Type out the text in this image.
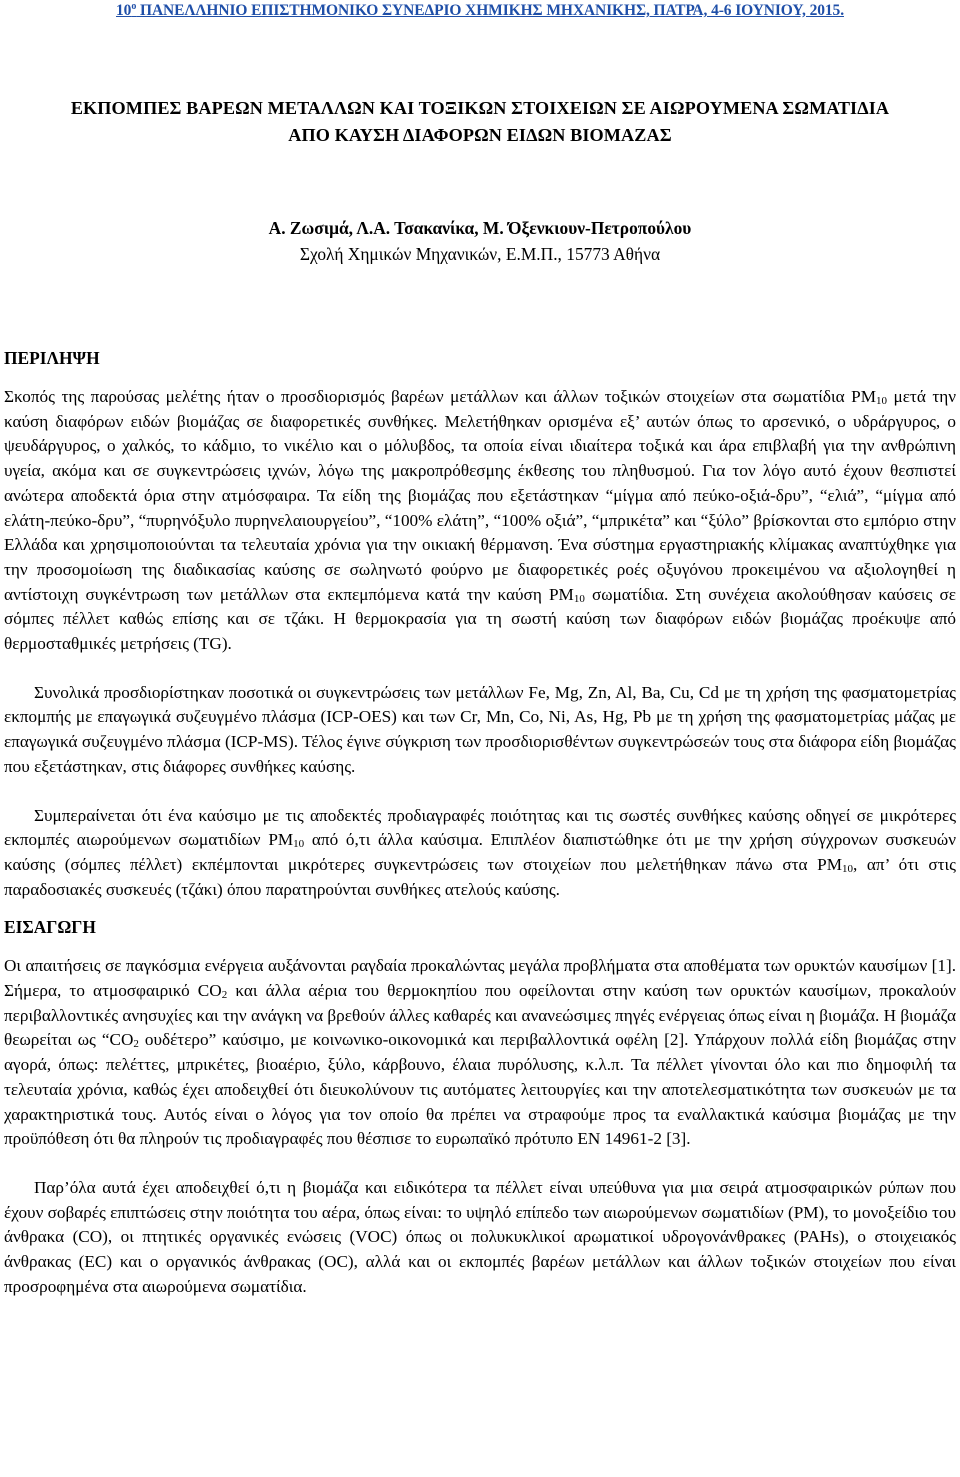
$10^o$ ΠΑΝΕΛΛΗΝΙΟ ΕΠΙΣΤΗΜΟΝΙΚΟ ΣΥΝΕΔΡΙΟ ΧΗΜΙΚΗΣ ΜΗΧΑΝΙΚΗΣ, ΠΑΤΡΑ, 4-6 ΙΟΥΝΙΟΥ, 2015.
ΕΚΠΟΜΠΕΣ ΒΑΡΕΩΝ ΜΕΤΑΛΛΩΝ ΚΑΙ ΤΟΞΙΚΩΝ ΣΤΟΙΧΕΙΩΝ ΣΕ ΑΙΩΡΟΥΜΕΝΑ ΣΩΜΑΤΙΔΙΑ
ΑΠΟ ΚΑΥΣΗ ΔΙΑΦΟΡΩΝ ΕΙΔΩΝ ΒΙΟΜΑΖΑΣ
Α. Ζωσιμά, Λ.Α. Τσακανίκα, Μ. Όξενκιουν-Πετροπούλου
Σχολή Χημικών Μηχανικών, Ε.Μ.Π., 15773 Αθήνα
ΠΕΡΙΛΗΨΗ

Σκοπός της παρούσας μελέτης ήταν ο προσδιορισμός βαρέων μετάλλων και άλλων τοξικών στοιχείων στα σωματίδια $PM_{10}$ μετά την καύση διαφόρων ειδών βιομάζας σε διαφορετικές συνθήκες. Μελετήθηκαν ορισμένα εξ’ αυτών όπως το αρσενικό, ο υδράργυρος, ο ψευδάργυρος, ο χαλκός, το κάδμιο, το νικέλιο και ο μόλυβδος, τα οποία είναι ιδιαίτερα τοξικά και άρα επιβλαβή για την ανθρώπινη υγεία, ακόμα και σε συγκεντρώσεις ιχνών, λόγω της μακροπρόθεσμης έκθεσης του πληθυσμού. Για τον λόγο αυτό έχουν θεσπιστεί ανώτερα αποδεκτά όρια στην ατμόσφαιρα. Τα είδη της βιομάζας που εξετάστηκαν “μίγμα από πεύκο-οξιά-δρυ”, “ελιά”, “μίγμα από ελάτη-πεύκο-δρυ”, “πυρηνόξυλο πυρηνελαιουργείου”, “100% ελάτη”, “100% οξιά”, “μπρικέτα” και “ξύλο” βρίσκονται στο εμπόριο στην Ελλάδα και χρησιμοποιούνται τα τελευταία χρόνια για την οικιακή θέρμανση. Ένα σύστημα εργαστηριακής κλίμακας αναπτύχθηκε για την προσομοίωση της διαδικασίας καύσης σε σωληνωτό φούρνο με διαφορετικές ροές οξυγόνου προκειμένου να αξιολογηθεί η αντίστοιχη συγκέντρωση των μετάλλων στα εκπεμπόμενα κατά την καύση $PM_{10}$ σωματίδια. Στη συνέχεια ακολούθησαν καύσεις σε σόμπες πέλλετ καθώς επίσης και σε τζάκι. Η θερμοκρασία για τη σωστή καύση των διαφόρων ειδών βιομάζας προέκυψε από θερμοσταθμικές μετρήσεις (TG).

Συνολικά προσδιορίστηκαν ποσοτικά οι συγκεντρώσεις των μετάλλων Fe, Mg, Zn, Al, Ba, Cu, Cd με τη χρήση της φασματομετρίας εκπομπής με επαγωγικά συζευγμένο πλάσμα (ICP-OES) και των Cr, Mn, Co, Ni, As, Hg, Pb με τη χρήση της φασματομετρίας μάζας με επαγωγικά συζευγμένο πλάσμα (ICP-MS). Τέλος έγινε σύγκριση των προσδιορισθέντων συγκεντρώσεών τους στα διάφορα είδη βιομάζας που εξετάστηκαν, στις διάφορες συνθήκες καύσης.

Συμπεραίνεται ότι ένα καύσιμο με τις αποδεκτές προδιαγραφές ποιότητας και τις σωστές συνθήκες καύσης οδηγεί σε μικρότερες εκπομπές αιωρούμενων σωματιδίων $PM_{10}$ από ό,τι άλλα καύσιμα. Επιπλέον διαπιστώθηκε ότι με την χρήση σύγχρονων συσκευών καύσης (σόμπες πέλλετ) εκπέμπονται μικρότερες συγκεντρώσεις των στοιχείων που μελετήθηκαν πάνω στα $PM_{10}$, απ’ ότι στις παραδοσιακές συσκευές (τζάκι) όπου παρατηρούνται συνθήκες ατελούς καύσης.

ΕΙΣΑΓΩΓΗ

Οι απαιτήσεις σε παγκόσμια ενέργεια αυξάνονται ραγδαία προκαλώντας μεγάλα προβλήματα στα αποθέματα των ορυκτών καυσίμων [1]. Σήμερα, το ατμοσφαιρικό $CO_2$ και άλλα αέρια του θερμοκηπίου που οφείλονται στην καύση των ορυκτών καυσίμων, προκαλούν περιβαλλοντικές ανησυχίες και την ανάγκη να βρεθούν άλλες καθαρές και ανανεώσιμες πηγές ενέργειας όπως είναι η βιομάζα. Η βιομάζα θεωρείται ως “$CO_2$ ουδέτερο” καύσιμο, με κοινωνικο-οικονομικά και περιβαλλοντικά οφέλη [2]. Υπάρχουν πολλά είδη βιομάζας στην αγορά, όπως: πελέττες, μπρικέτες, βιοαέριο, ξύλο, κάρβουνο, έλαια πυρόλυσης, κ.λ.π. Τα πέλλετ γίνονται όλο και πιο δημοφιλή τα τελευταία χρόνια, καθώς έχει αποδειχθεί ότι διευκολύνουν τις αυτόματες λειτουργίες και την αποτελεσματικότητα των συσκευών με τα χαρακτηριστικά τους. Αυτός είναι ο λόγος για τον οποίο θα πρέπει να στραφούμε προς τα εναλλακτικά καύσιμα βιομάζας με την προϋπόθεση ότι θα πληρούν τις προδιαγραφές που θέσπισε το ευρωπαϊκό πρότυπο EN 14961-2 [3].

Παρ’όλα αυτά έχει αποδειχθεί ό,τι η βιομάζα και ειδικότερα τα πέλλετ είναι υπεύθυνα για μια σειρά ατμοσφαιρικών ρύπων που έχουν σοβαρές επιπτώσεις στην ποιότητα του αέρα, όπως είναι: το υψηλό επίπεδο των αιωρούμενων σωματιδίων (PM), το μονοξείδιο του άνθρακα (CO), οι πτητικές οργανικές ενώσεις (VOC) όπως οι πολυκυκλικοί αρωματικοί υδρογονάνθρακες (PAHs), ο στοιχειακός άνθρακας (EC) και ο οργανικός άνθρακας (OC), αλλά και οι εκπομπές βαρέων μετάλλων και άλλων τοξικών στοιχείων που είναι προσροφημένα στα αιωρούμενα σωματίδια.
